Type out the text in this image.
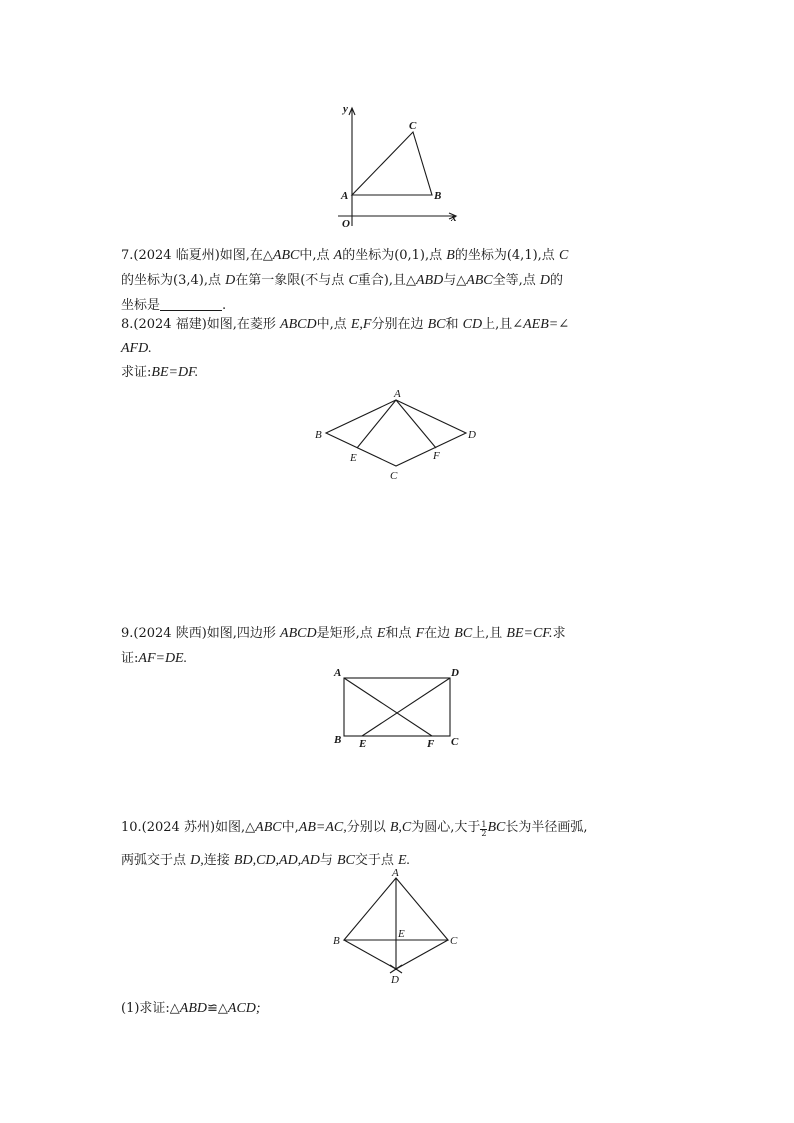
y
x
O
A	B
C
7.(2024 临夏州)如图,在△ABC中,点 A的坐标为(0,1),点 B的坐标为(4,1),点 C
的坐标为(3,4),点 D在第一象限(不与点 C重合),且△ABD与△ABC全等,点 D的
坐标是	.
8.(2024 福建)如图,在菱形 ABCD中,点 E,F分别在边 BC和 CD上,且∠AEB=∠
AFD.
求证:BE=DF.
A
B
C
D
E	F
9.(2024 陕西)如图,四边形 ABCD是矩形,点 E和点 F在边 BC上,且 BE=CF.求
证:AF=DE.
A	D
B E	F C
10.(2024 苏州)如图,△ABC中,AB=AC,分别以 B,C为圆心,大于 $\frac{1}{2}$ BC长为半径画弧,
两弧交于点 D,连接 BD,CD,AD,AD与 BC交于点 E.
A
B	C
E
D
(1)求证:△ABD≌△ACD;
